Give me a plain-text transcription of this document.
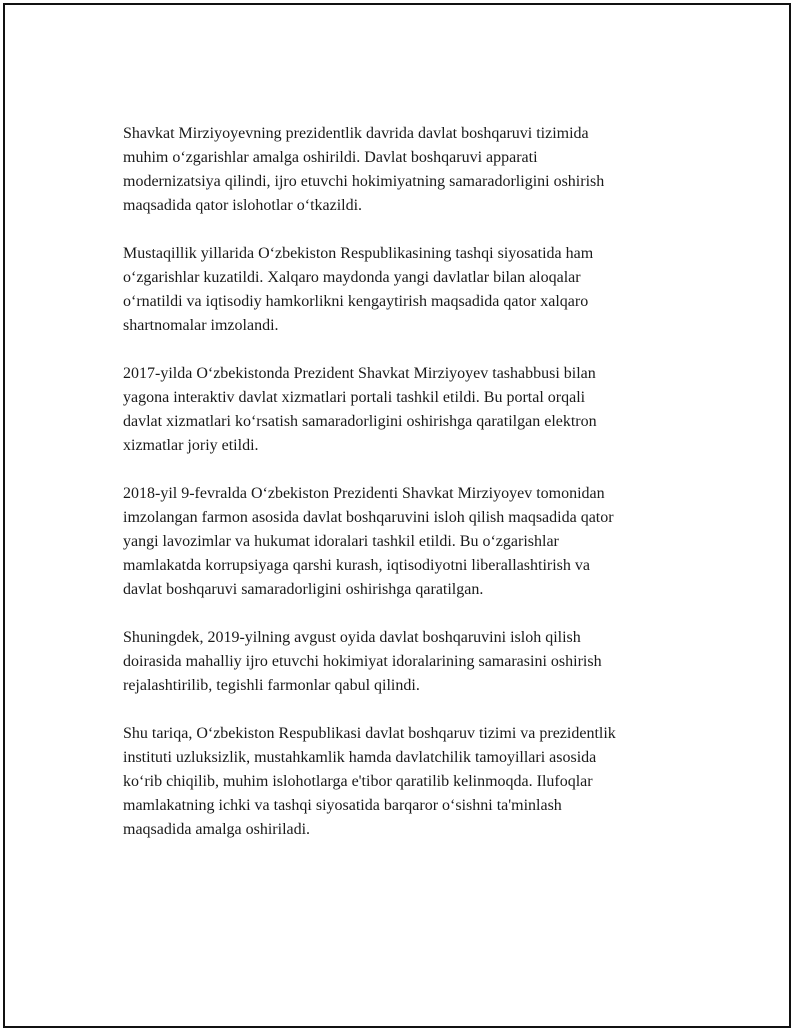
Shavkat Mirziyoyevning prezidentlik davrida davlat boshqaruvi tizimida
muhim o‘zgarishlar amalga oshirildi. Davlat boshqaruvi apparati
modernizatsiya qilindi, ijro etuvchi hokimiyatning samaradorligini oshirish
maqsadida qator islohotlar o‘tkazildi.

Mustaqillik yillarida O‘zbekiston Respublikasining tashqi siyosatida ham
o‘zgarishlar kuzatildi. Xalqaro maydonda yangi davlatlar bilan aloqalar
o‘rnatildi va iqtisodiy hamkorlikni kengaytirish maqsadida qator xalqaro
shartnomalar imzolandi.

2017-yilda O‘zbekistonda Prezident Shavkat Mirziyoyev tashabbusi bilan
yagona interaktiv davlat xizmatlari portali tashkil etildi. Bu portal orqali
davlat xizmatlari ko‘rsatish samaradorligini oshirishga qaratilgan elektron
xizmatlar joriy etildi.

2018-yil 9-fevralda O‘zbekiston Prezidenti Shavkat Mirziyoyev tomonidan
imzolangan farmon asosida davlat boshqaruvini isloh qilish maqsadida qator
yangi lavozimlar va hukumat idoralari tashkil etildi. Bu o‘zgarishlar
mamlakatda korrupsiyaga qarshi kurash, iqtisodiyotni liberallashtirish va
davlat boshqaruvi samaradorligini oshirishga qaratilgan.

Shuningdek, 2019-yilning avgust oyida davlat boshqaruvini isloh qilish
doirasida mahalliy ijro etuvchi hokimiyat idoralarining samarasini oshirish
rejalashtirilib, tegishli farmonlar qabul qilindi.

Shu tariqa, O‘zbekiston Respublikasi davlat boshqaruv tizimi va prezidentlik
instituti uzluksizlik, mustahkamlik hamda davlatchilik tamoyillari asosida
ko‘rib chiqilib, muhim islohotlarga e'tibor qaratilib kelinmoqda. Ilufoqlar
mamlakatning ichki va tashqi siyosatida barqaror o‘sishni ta'minlash
maqsadida amalga oshiriladi.
